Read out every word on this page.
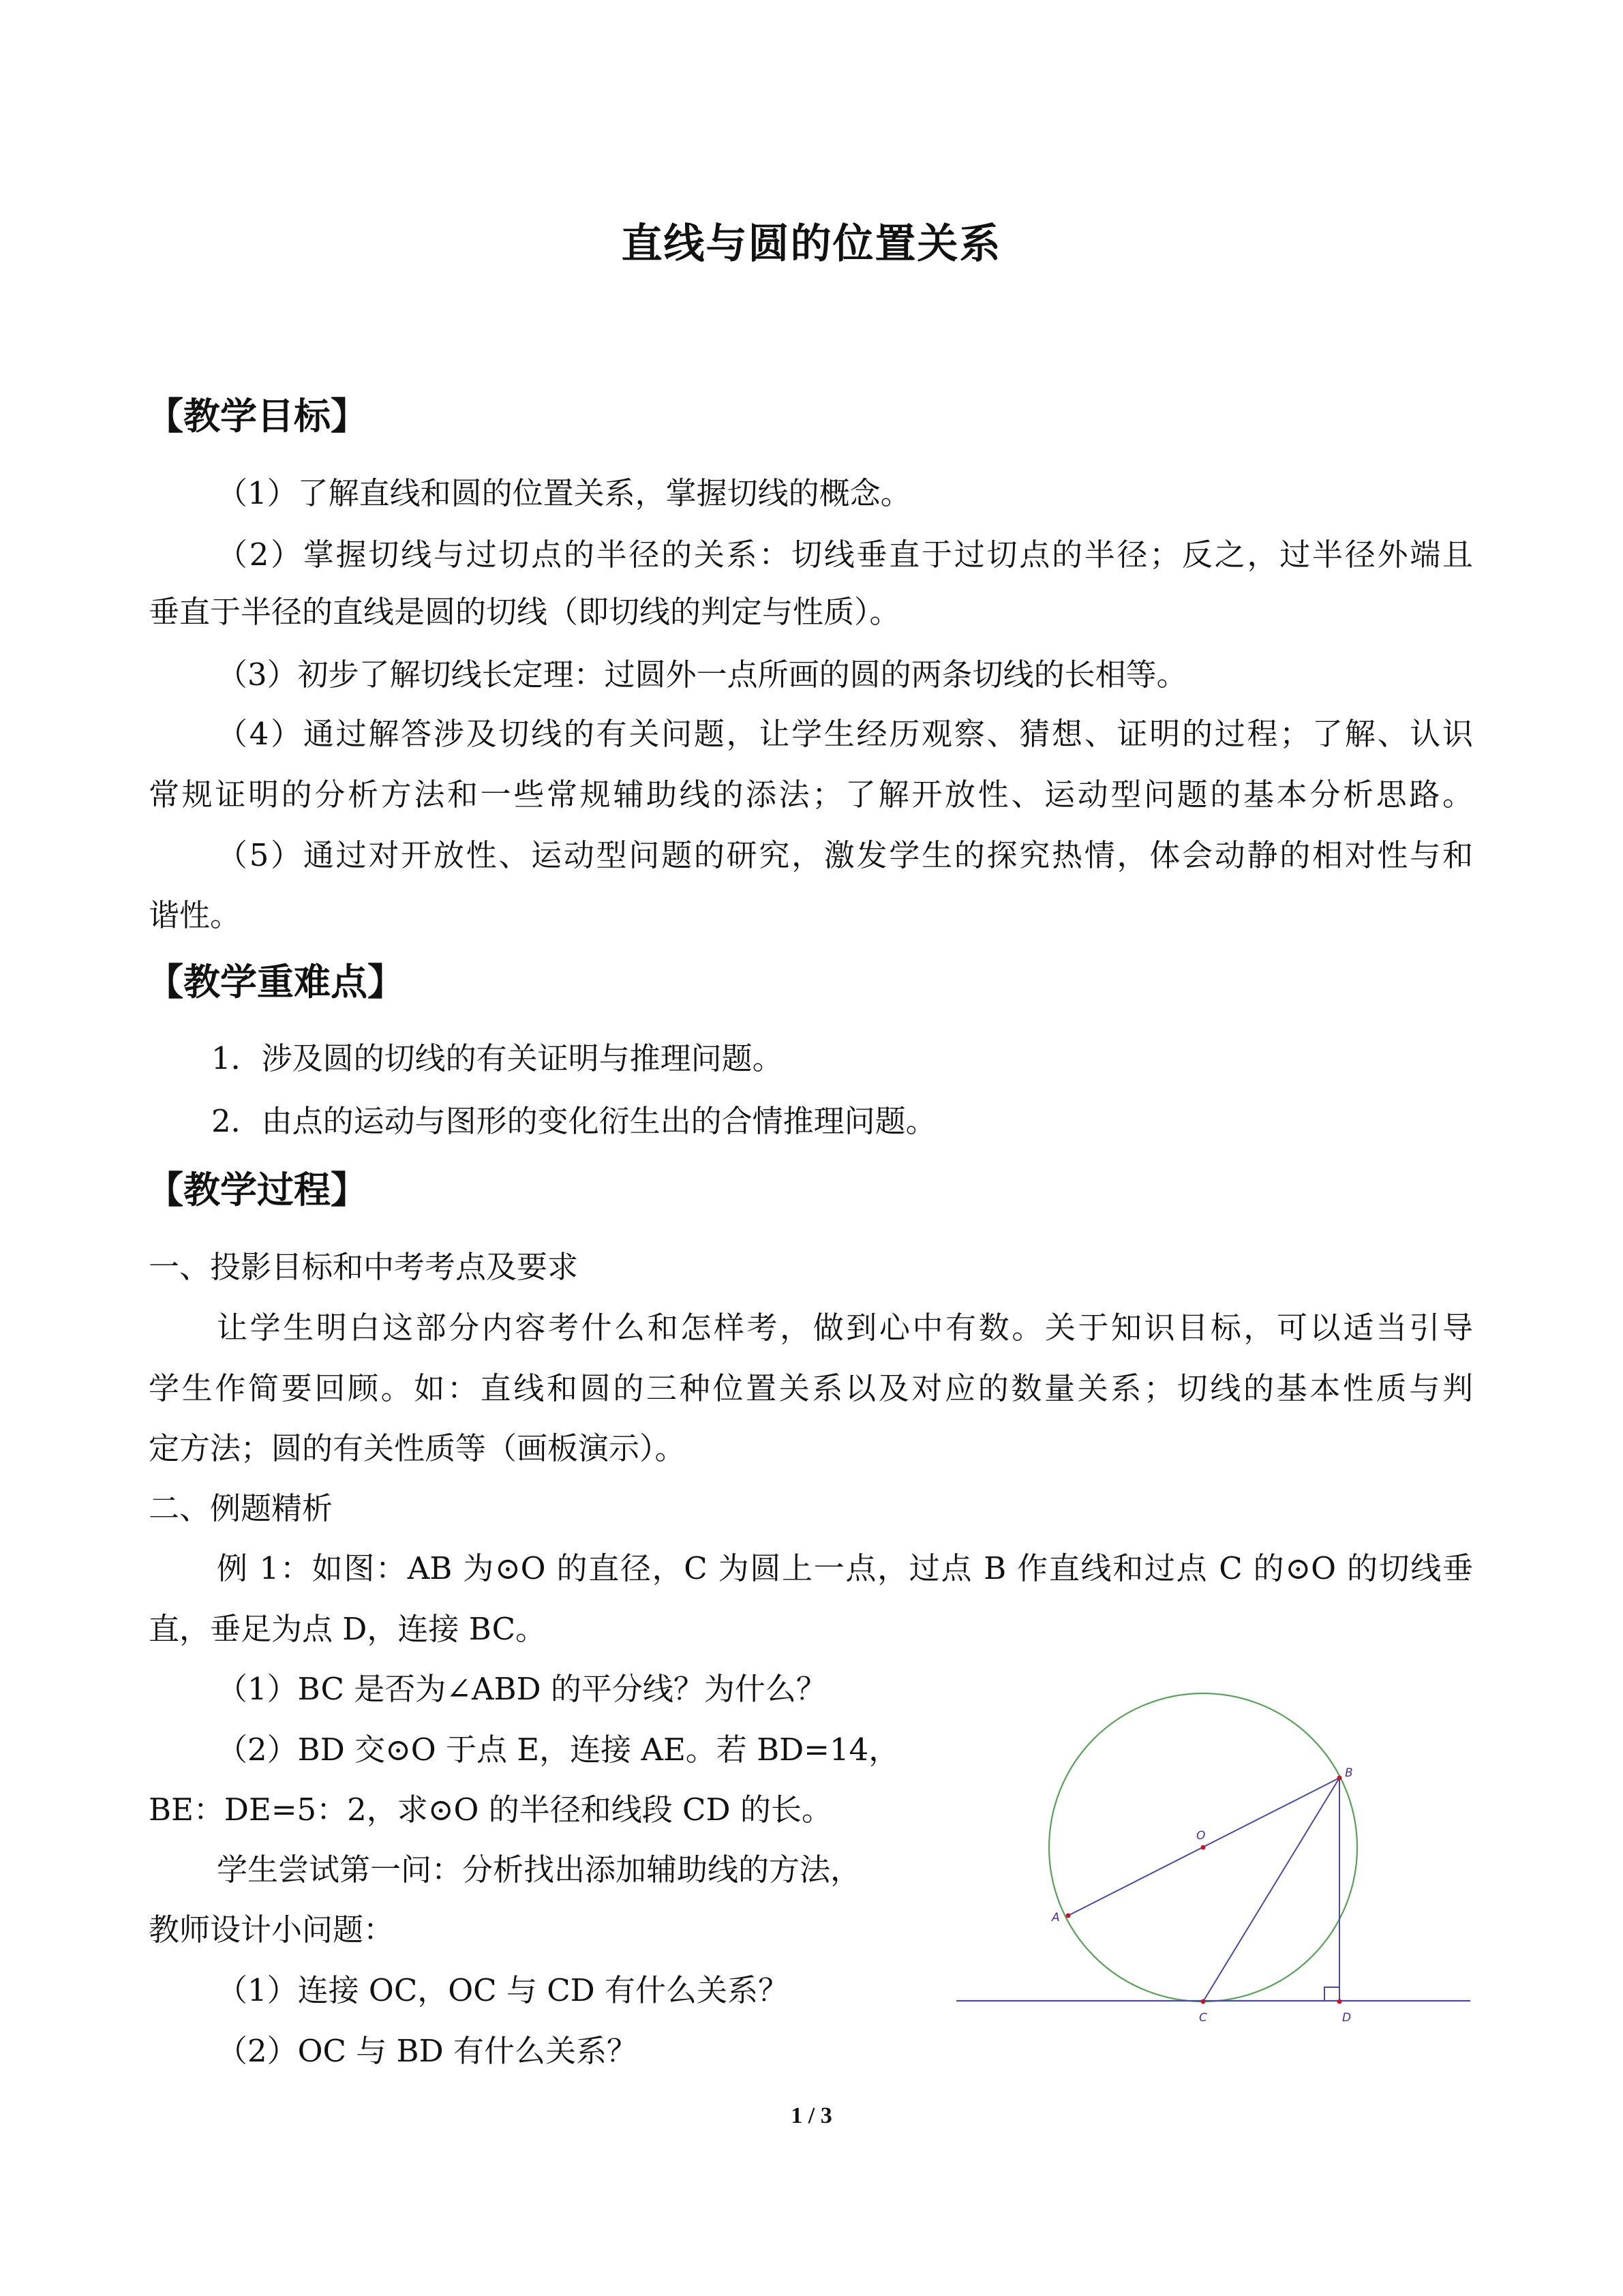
直线与圆的位置关系
【教学目标】
（1）了解直线和圆的位置关系，掌握切线的概念。
（2）掌握切线与过切点的半径的关系：切线垂直于过切点的半径；反之，过半径外端且
垂直于半径的直线是圆的切线（即切线的判定与性质）。
（3）初步了解切线长定理：过圆外一点所画的圆的两条切线的长相等。
（4）通过解答涉及切线的有关问题，让学生经历观察、猜想、证明的过程；了解、认识
常规证明的分析方法和一些常规辅助线的添法；了解开放性、运动型问题的基本分析思路。
（5）通过对开放性、运动型问题的研究，激发学生的探究热情，体会动静的相对性与和
谐性。
【教学重难点】
1．涉及圆的切线的有关证明与推理问题。
2．由点的运动与图形的变化衍生出的合情推理问题。
【教学过程】
一、投影目标和中考考点及要求
让学生明白这部分内容考什么和怎样考，做到心中有数。关于知识目标，可以适当引导
学生作简要回顾。如：直线和圆的三种位置关系以及对应的数量关系；切线的基本性质与判
定方法；圆的有关性质等（画板演示）。
二、例题精析
例 1：如图：AB 为⊙O 的直径，C 为圆上一点，过点 B 作直线和过点 C 的⊙O 的切线垂
直，垂足为点 D，连接 BC。
（1）BC 是否为∠ABD 的平分线？为什么？
（2）BD 交⊙O 于点 E，连接 AE。若 BD=14，
BE：DE=5：2，求⊙O 的半径和线段 CD 的长。
学生尝试第一问：分析找出添加辅助线的方法，
教师设计小问题：
（1）连接 OC，OC 与 CD 有什么关系？
（2）OC 与 BD 有什么关系？
A
B
C	D
O
1 / 3
